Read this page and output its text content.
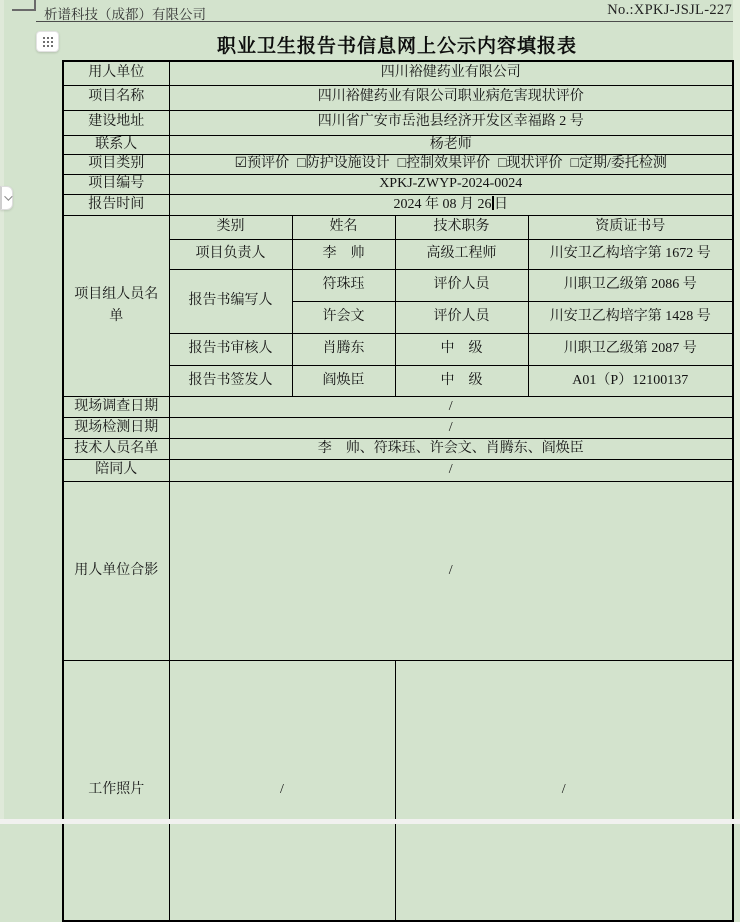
析谱科技（成都）有限公司	No.:XPKJ-JSJL-227
职业卫生报告书信息网上公示内容填报表
用人单位	四川裕健药业有限公司			
项目名称	四川裕健药业有限公司职业病危害现状评价			
建设地址	四川省广安市岳池县经济开发区幸福路 2 号			
联系人	杨老师			
项目类别	☑预评价 □防护设施设计 □控制效果评价 □现状评价 □定期/委托检测			
项目编号	XPKJ-ZWYP-2024-0024			
报告时间	2024 年 08 月 26 日			
项目组人员名单	类别	姓名	技术职务	资质证书号
	项目负责人	李　帅	高级工程师	川安卫乙构培字第 1672 号
	报告书编写人	符珠珏	评价人员	川职卫乙级第 2086 号
		许会文	评价人员	川安卫乙构培字第 1428 号
	报告书审核人	肖腾东	中　级	川职卫乙级第 2087 号
	报告书签发人	阎焕臣	中　级	A01（P）12100137
现场调查日期	/			
现场检测日期	/			
技术人员名单	李　帅、符珠珏、许会文、肖腾东、阎焕臣			
陪同人	/			
用人单位合影	/			
工作照片	/		/	
